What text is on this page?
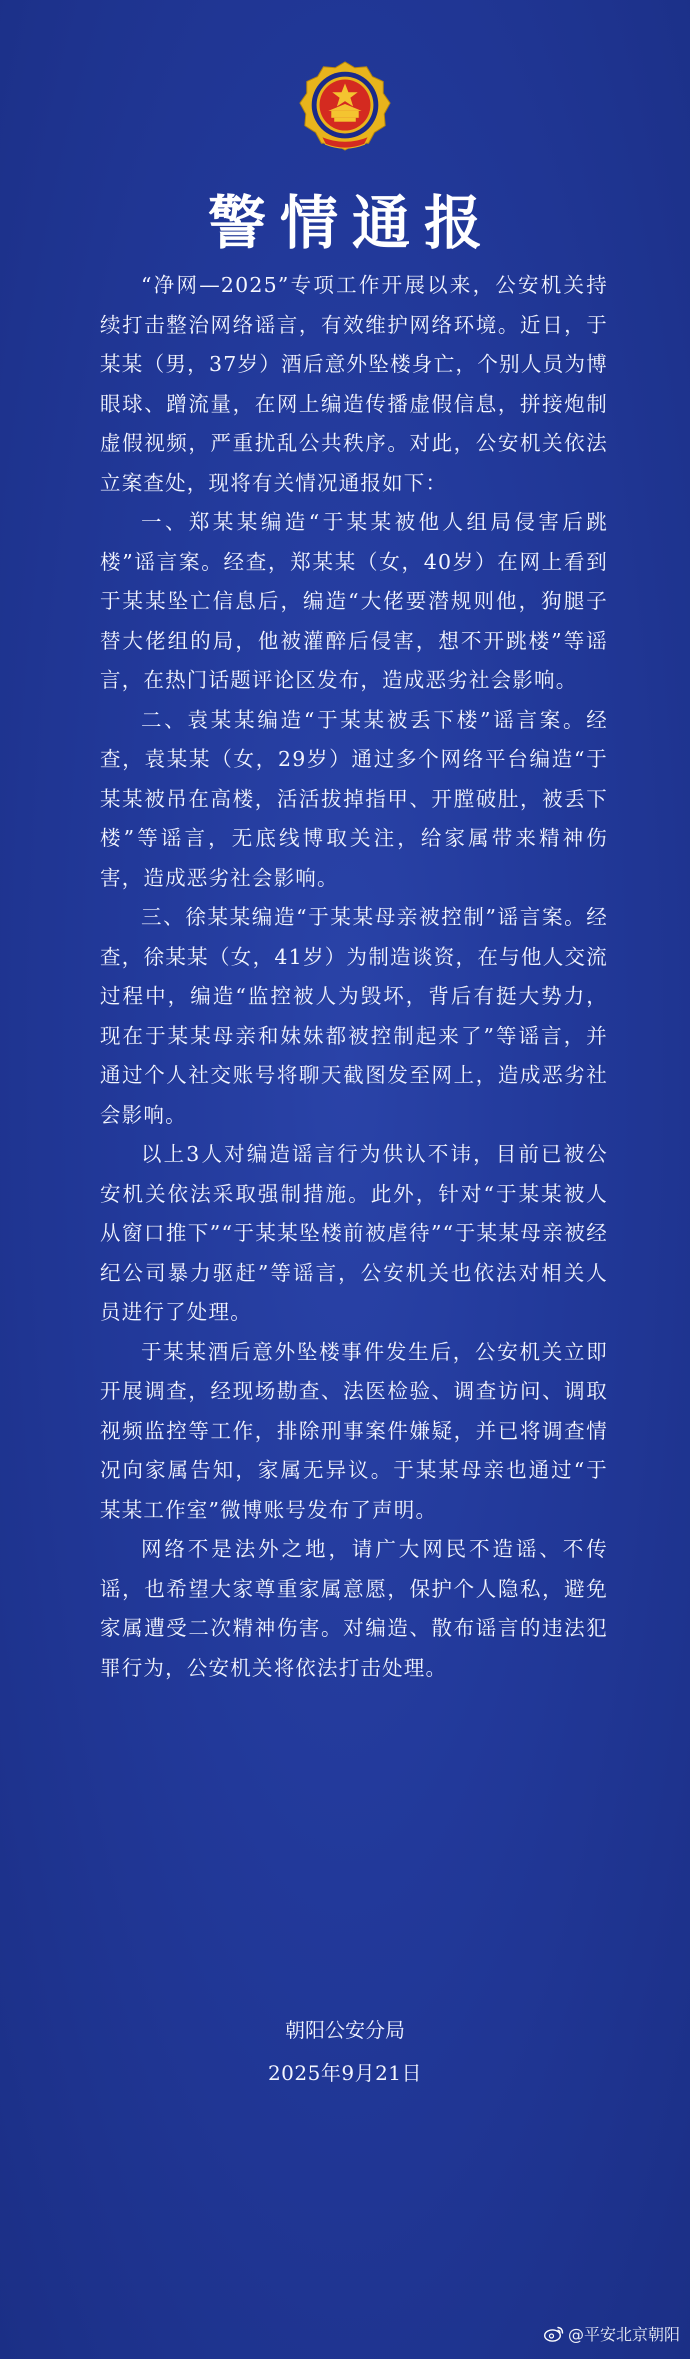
警情通报

“净网—2025”专项工作开展以来，公安机关持续打击整治网络谣言，有效维护网络环境。近日，于某某（男，37岁）酒后意外坠楼身亡，个别人员为博眼球、蹭流量，在网上编造传播虚假信息，拼接炮制虚假视频，严重扰乱公共秩序。对此，公安机关依法立案查处，现将有关情况通报如下：

一、郑某某编造“于某某被他人组局侵害后跳楼”谣言案。经查，郑某某（女，40岁）在网上看到于某某坠亡信息后，编造“大佬要潜规则他，狗腿子替大佬组的局，他被灌醉后侵害，想不开跳楼”等谣言，在热门话题评论区发布，造成恶劣社会影响。

二、袁某某编造“于某某被丢下楼”谣言案。经查，袁某某（女，29岁）通过多个网络平台编造“于某某被吊在高楼，活活拔掉指甲、开膛破肚，被丢下楼”等谣言，无底线博取关注，给家属带来精神伤害，造成恶劣社会影响。

三、徐某某编造“于某某母亲被控制”谣言案。经查，徐某某（女，41岁）为制造谈资，在与他人交流过程中，编造“监控被人为毁坏，背后有挺大势力，现在于某某母亲和妹妹都被控制起来了”等谣言，并通过个人社交账号将聊天截图发至网上，造成恶劣社会影响。

以上3人对编造谣言行为供认不讳，目前已被公安机关依法采取强制措施。此外，针对“于某某被人从窗口推下”“于某某坠楼前被虐待”“于某某母亲被经纪公司暴力驱赶”等谣言，公安机关也依法对相关人员进行了处理。

于某某酒后意外坠楼事件发生后，公安机关立即开展调查，经现场勘查、法医检验、调查访问、调取视频监控等工作，排除刑事案件嫌疑，并已将调查情况向家属告知，家属无异议。于某某母亲也通过“于某某工作室”微博账号发布了声明。

网络不是法外之地，请广大网民不造谣、不传谣，也希望大家尊重家属意愿，保护个人隐私，避免家属遭受二次精神伤害。对编造、散布谣言的违法犯罪行为，公安机关将依法打击处理。

朝阳公安分局
2025年9月21日
@平安北京朝阳
